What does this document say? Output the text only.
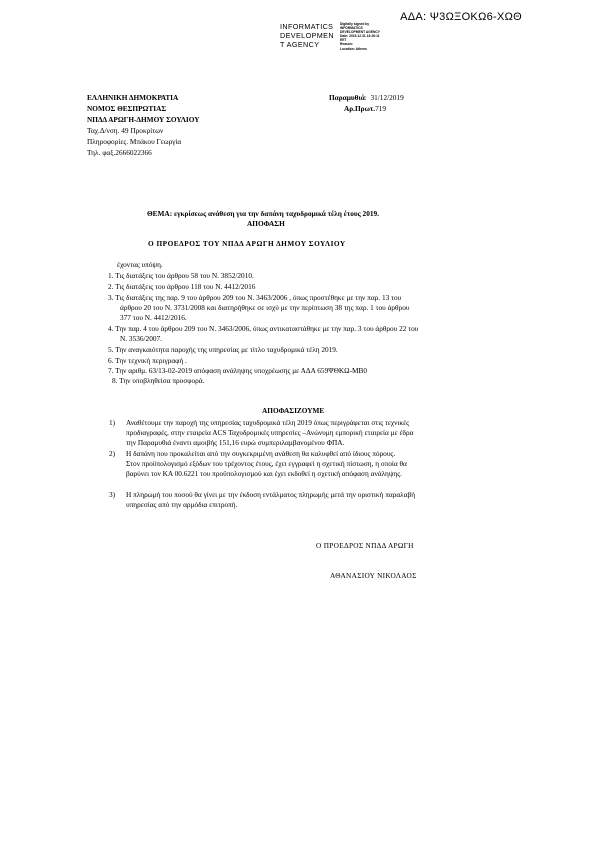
ΑΔΑ: Ψ3ΩΞΟΚΩ6-ΧΩΘ
INFORMATICS
DEVELOPMEN
T AGENCY
Digitally signed by
INFORMATICS
DEVELOPMENT AGENCY
Date: 2019.12.31 13:26:11
EET
Reason:
Location: Athens
ΕΛΛΗΝΙΚΗ ΔΗΜΟΚΡΑΤΙΑ
ΝΟΜΟΣ ΘΕΣΠΡΩΤΙΑΣ
ΝΠΔΔ ΑΡΩΓΗ-ΔΗΜΟΥ ΣΟΥΛΙΟΥ
Ταχ.Δ/νση. 49 Προκρίτων
Πληροφορίες. Μπάκου Γεωργία
Τηλ. φαξ.2666022366
Παραμυθιά: 31/12/2019
Αρ.Πρωτ.719
ΘΕΜΑ: εγκρίσεως ανάθεση για την δαπάνη ταχυδρομικά τέλη έτους 2019.
ΑΠΟΦΑΣΗ
Ο ΠΡΟΕΔΡΟΣ ΤΟΥ ΝΠΔΔ ΑΡΩΓΗ ΔΗΜΟΥ ΣΟΥΛΙΟΥ
έχοντας υπόψη.
1. Τις διατάξεις του άρθρου 58 του Ν. 3852/2010.
2. Τις διατάξεις του άρθρου 118 του Ν. 4412/2016
3. Τις διατάξεις της παρ. 9 του άρθρου 209 του Ν. 3463/2006 , όπως προστέθηκε με την παρ. 13 του
άρθρου 20 του Ν. 3731/2008 και διατηρήθηκε σε ισχύ με την περίπτωση 38 της παρ. 1 του άρθρου
377 του Ν. 4412/2016.
4. Την παρ. 4 του άρθρου 209 του Ν. 3463/2006, όπως αντικαταστάθηκε με την παρ. 3 του άρθρου 22 του
Ν. 3536/2007.
5. Την αναγκαιότητα παροχής της υπηρεσίας με τίτλο ταχυδρομικά τέλη 2019.
6. Την τεχνική περιγραφή .
7. Την αριθμ. 63/13-02-2019 απόφαση ανάληψης υποχρέωσης με ΑΔΑ 659ΨΘΚΩ-ΜΒ0
8. Την υποβληθείσα προσφορά.
ΑΠΟΦΑΣΙΖΟΥΜΕ
1) Αναθέτουμε την παροχή της υπηρεσίας ταχυδρομικά τέλη 2019 όπως περιγράφεται στις τεχνικές
προδιαγραφές, στην εταιρεία ΑCS Ταχυδρομικές υπηρεσίες –Ανώνυμη εμπορική εταιρεία με έδρα
την Παραμυθιά έναντι αμοιβής 151,16 ευρώ συμπεριλαμβανομένου ΦΠΑ.
2) Η δαπάνη που προκαλείται από την συγκεκριμένη ανάθεση θα καλυφθεί από ίδιους πόρους.
Στον προϋπολογισμό εξόδων του τρέχοντος έτους, έχει εγγραφεί η σχετική πίστωση, η οποία θα
βαρύνει τον ΚΑ 00.6221 του προϋπολογισμού και έχει εκδοθεί η σχετική απόφαση ανάληψης.
3) Η πληρωμή του ποσού θα γίνει με την έκδοση εντάλματος πληρωμής μετά την οριστική παραλαβή
υπηρεσίας από την αρμόδια επιτροπή.
Ο ΠΡΟΕΔΡΟΣ ΝΠΔΔ ΑΡΩΓΗ
ΑΘΑΝΑΣΙΟΥ ΝΙΚΟΛΑΟΣ
